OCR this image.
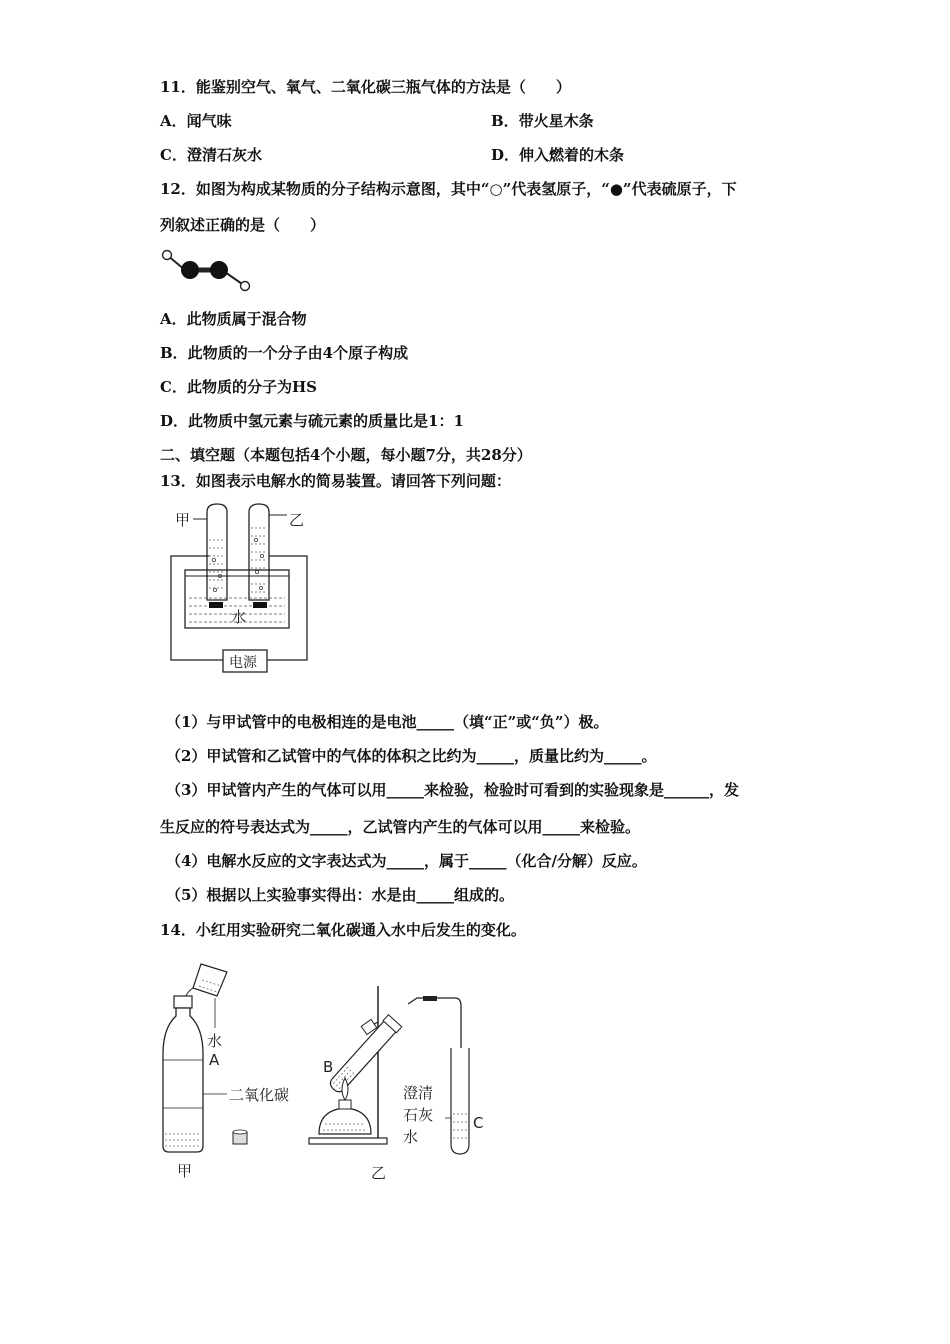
11．能鉴别空气、氧气、二氧化碳三瓶气体的方法是（　　）
A．闻气味	B．带火星木条
C．澄清石灰水	D．伸入燃着的木条
12．如图为构成某物质的分子结构示意图，其中“○”代表氢原子，“●”代表硫原子，下
列叙述正确的是（　　）
A．此物质属于混合物
B．此物质的一个分子由4个原子构成
C．此物质的分子为HS
D．此物质中氢元素与硫元素的质量比是1：1
二、填空题（本题包括4个小题，每小题7分，共28分）
13．如图表示电解水的简易装置。请回答下列问题：
甲	乙
水
电源
（1）与甲试管中的电极相连的是电池_____（填“正”或“负”）极。
（2）甲试管和乙试管中的气体的体积之比约为_____，质量比约为_____。
（3）甲试管内产生的气体可以用_____来检验，检验时可看到的实验现象是______，发
生反应的符号表达式为_____，乙试管内产生的气体可以用_____来检验。
（4）电解水反应的文字表达式为_____，属于_____（化合/分解）反应。
（5）根据以上实验事实得出：水是由_____组成的。
14．小红用实验研究二氧化碳通入水中后发生的变化。
水
A
二氧化碳
甲
C
澄清
石灰
水
B
乙
